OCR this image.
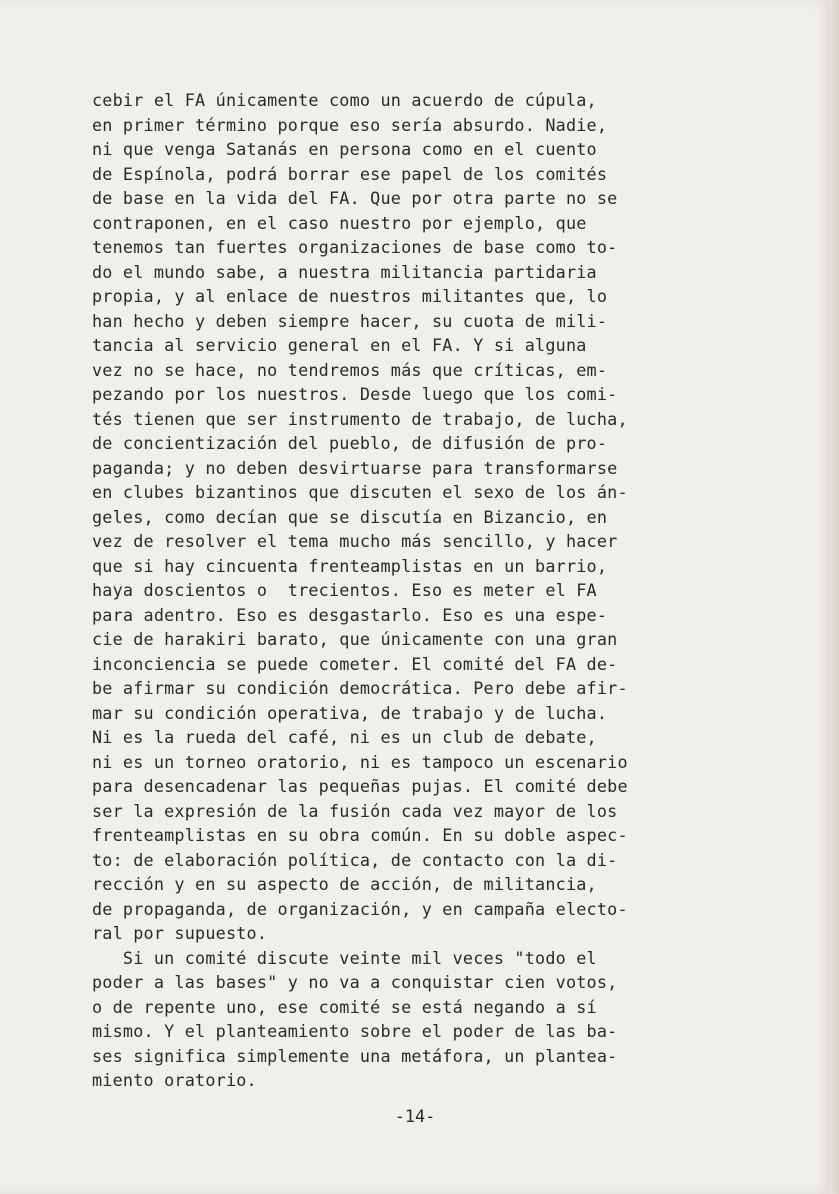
cebir el FA únicamente como un acuerdo de cúpula,
en primer término porque eso sería absurdo. Nadie,
ni que venga Satanás en persona como en el cuento
de Espínola, podrá borrar ese papel de los comités
de base en la vida del FA. Que por otra parte no se
contraponen, en el caso nuestro por ejemplo, que
tenemos tan fuertes organizaciones de base como to-
do el mundo sabe, a nuestra militancia partidaria
propia, y al enlace de nuestros militantes que, lo
han hecho y deben siempre hacer, su cuota de mili-
tancia al servicio general en el FA. Y si alguna
vez no se hace, no tendremos más que críticas, em-
pezando por los nuestros. Desde luego que los comi-
tés tienen que ser instrumento de trabajo, de lucha,
de concientización del pueblo, de difusión de pro-
paganda; y no deben desvirtuarse para transformarse
en clubes bizantinos que discuten el sexo de los án-
geles, como decían que se discutía en Bizancio, en
vez de resolver el tema mucho más sencillo, y hacer
que si hay cincuenta frenteamplistas en un barrio,
haya doscientos o  trecientos. Eso es meter el FA
para adentro. Eso es desgastarlo. Eso es una espe-
cie de harakiri barato, que únicamente con una gran
inconciencia se puede cometer. El comité del FA de-
be afirmar su condición democrática. Pero debe afir-
mar su condición operativa, de trabajo y de lucha.
Ni es la rueda del café, ni es un club de debate,
ni es un torneo oratorio, ni es tampoco un escenario
para desencadenar las pequeñas pujas. El comité debe
ser la expresión de la fusión cada vez mayor de los
frenteamplistas en su obra común. En su doble aspec-
to: de elaboración política, de contacto con la di-
rección y en su aspecto de acción, de militancia,
de propaganda, de organización, y en campaña electo-
ral por supuesto.
Si un comité discute veinte mil veces "todo el
poder a las bases" y no va a conquistar cien votos,
o de repente uno, ese comité se está negando a sí
mismo. Y el planteamiento sobre el poder de las ba-
ses significa simplemente una metáfora, un plantea-
miento oratorio.
-14-
